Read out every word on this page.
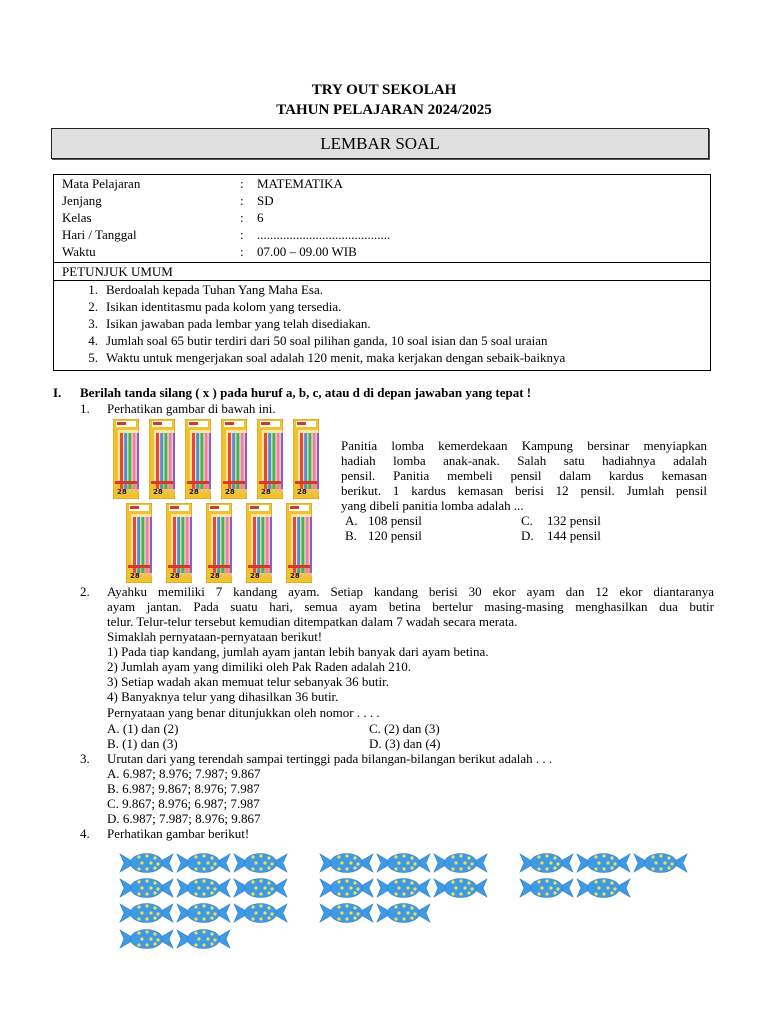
TRY OUT SEKOLAH
TAHUN PELAJARAN 2024/2025
LEMBAR SOAL
Mata Pelajaran	: MATEMATIKA
Jenjang	: SD
Kelas	: 6
Hari / Tanggal	: .........................................
Waktu	: 07.00 – 09.00 WIB
PETUNJUK UMUM
1. Berdoalah kepada Tuhan Yang Maha Esa.
2. Isikan identitasmu pada kolom yang tersedia.
3. Isikan jawaban pada lembar yang telah disediakan.
4. Jumlah soal 65 butir terdiri dari 50 soal pilihan ganda, 10 soal isian dan 5 soal uraian
5. Waktu untuk mengerjakan soal adalah 120 menit, maka kerjakan dengan sebaik-baiknya
I. Berilah tanda silang ( x ) pada huruf a, b, c, atau d di depan jawaban yang tepat !
1. Perhatikan gambar di bawah ini.
28	28	28	28	28	28
28	28	28	28	28
Panitia lomba kemerdekaan Kampung bersinar menyiapkan
hadiah lomba anak-anak. Salah satu hadiahnya adalah
pensil. Panitia membeli pensil dalam kardus kemasan
berikut. 1 kardus kemasan berisi 12 pensil. Jumlah pensil
yang dibeli panitia lomba adalah ...
A. 108 pensil	C. 132 pensil
B. 120 pensil	D. 144 pensil
2. Ayahku memiliki 7 kandang ayam. Setiap kandang berisi 30 ekor ayam dan 12 ekor diantaranya
ayam jantan. Pada suatu hari, semua ayam betina bertelur masing-masing menghasilkan dua butir
telur. Telur-telur tersebut kemudian ditempatkan dalam 7 wadah secara merata.
Simaklah pernyataan-pernyataan berikut!
1) Pada tiap kandang, jumlah ayam jantan lebih banyak dari ayam betina.
2) Jumlah ayam yang dimiliki oleh Pak Raden adalah 210.
3) Setiap wadah akan memuat telur sebanyak 36 butir.
4) Banyaknya telur yang dihasilkan 36 butir.
Pernyataan yang benar ditunjukkan oleh nomor . . . .
A. (1) dan (2)	C. (2) dan (3)
B. (1) dan (3)	D. (3) dan (4)
3. Urutan dari yang terendah sampai tertinggi pada bilangan-bilangan berikut adalah . . .
A. 6.987; 8.976; 7.987; 9.867
B. 6.987; 9.867; 8.976; 7.987
C. 9.867; 8.976; 6.987; 7.987
D. 6.987; 7.987; 8.976; 9.867
4. Perhatikan gambar berikut!
